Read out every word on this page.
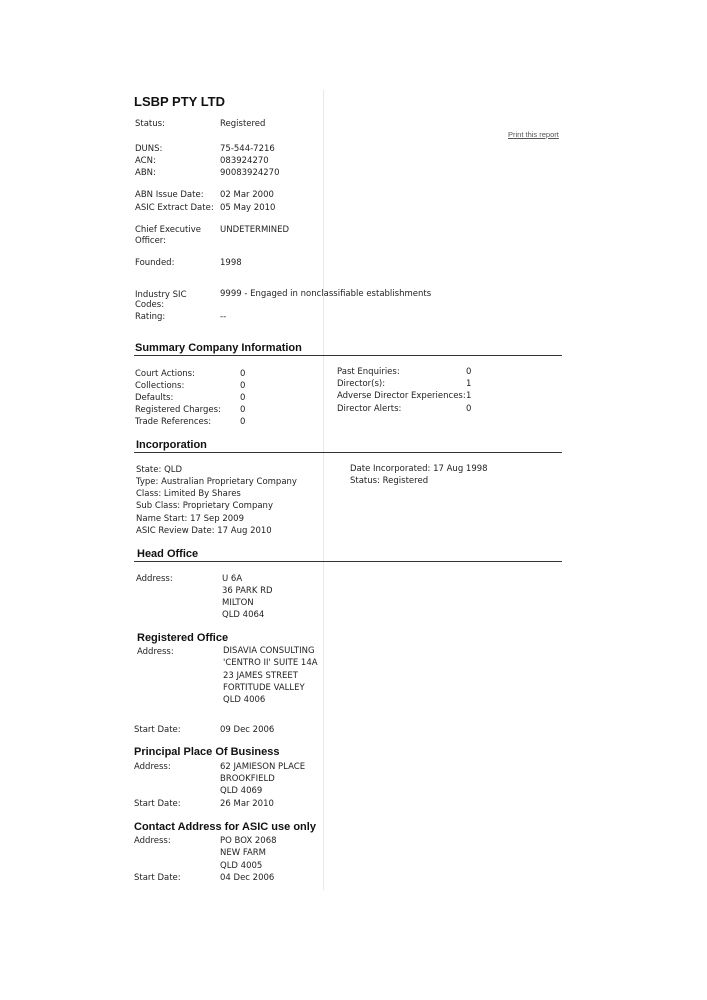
LSBP PTY LTD
Print this report
Status:	Registered
DUNS:	75-544-7216
ACN:	083924270
ABN:	90083924270
ABN Issue Date: 02 Mar 2000
ASIC Extract Date: 05 May 2010
Chief Executive
Officer:
UNDETERMINED
Founded:	1998
Industry SIC
Codes:
9999 - Engaged in nonclassifiable establishments
Rating:	--
Summary Company Information
Court Actions:	0
Collections:	0
Defaults:	0
Registered Charges: 0
Trade References:	0
Past Enquiries:	0
Director(s):	1
Adverse Director Experiences: 1
Director Alerts:	0
Incorporation
State: QLD
Type: Australian Proprietary Company
Class: Limited By Shares
Sub Class: Proprietary Company
Name Start: 17 Sep 2009
ASIC Review Date: 17 Aug 2010
Date Incorporated: 17 Aug 1998
Status: Registered
Head Office
Address:	U 6A
36 PARK RD
MILTON
QLD 4064
Registered Office
Address:	DISAVIA CONSULTING
'CENTRO II' SUITE 14A
23 JAMES STREET
FORTITUDE VALLEY
QLD 4006
Start Date:	09 Dec 2006
Principal Place Of Business
Address:	62 JAMIESON PLACE
BROOKFIELD
QLD 4069
Start Date:	26 Mar 2010
Contact Address for ASIC use only
Address:	PO BOX 2068
NEW FARM
QLD 4005
Start Date:	04 Dec 2006
